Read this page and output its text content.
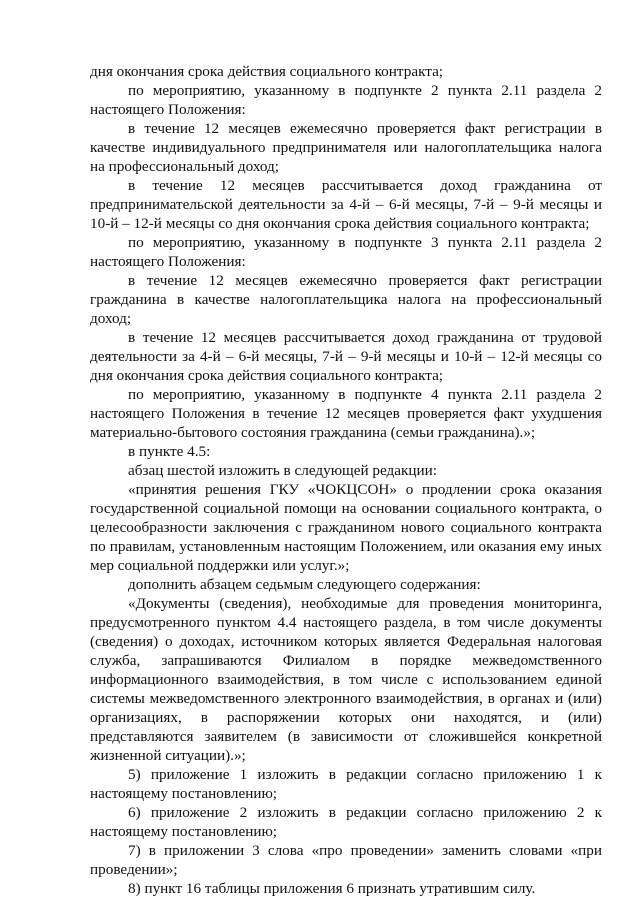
дня окончания срока действия социального контракта;

по мероприятию, указанному в подпункте 2 пункта 2.11 раздела 2 настоящего Положения:

в течение 12 месяцев ежемесячно проверяется факт регистрации в качестве индивидуального предпринимателя или налогоплательщика налога на профессиональный доход;

в течение 12 месяцев рассчитывается доход гражданина от предпринимательской деятельности за 4-й – 6-й месяцы, 7-й – 9-й месяцы и 10-й – 12-й месяцы со дня окончания срока действия социального контракта;

по мероприятию, указанному в подпункте 3 пункта 2.11 раздела 2 настоящего Положения:

в течение 12 месяцев ежемесячно проверяется факт регистрации гражданина в качестве налогоплательщика налога на профессиональный доход;

в течение 12 месяцев рассчитывается доход гражданина от трудовой деятельности за 4-й – 6-й месяцы, 7-й – 9-й месяцы и 10-й – 12-й месяцы со дня окончания срока действия социального контракта;

по мероприятию, указанному в подпункте 4 пункта 2.11 раздела 2 настоящего Положения в течение 12 месяцев проверяется факт ухудшения материально-бытового состояния гражданина (семьи гражданина).»;

в пункте 4.5:

абзац шестой изложить в следующей редакции:

«принятия решения ГКУ «ЧОКЦСОН» о продлении срока оказания государственной социальной помощи на основании социального контракта, о целесообразности заключения с гражданином нового социального контракта по правилам, установленным настоящим Положением, или оказания ему иных мер социальной поддержки или услуг.»;

дополнить абзацем седьмым следующего содержания:

«Документы (сведения), необходимые для проведения мониторинга, предусмотренного пунктом 4.4 настоящего раздела, в том числе документы (сведения) о доходах, источником которых является Федеральная налоговая служба, запрашиваются Филиалом в порядке межведомственного информационного взаимодействия, в том числе с использованием единой системы межведомственного электронного взаимодействия, в органах и (или) организациях, в распоряжении которых они находятся, и (или) представляются заявителем (в зависимости от сложившейся конкретной жизненной ситуации).»;

5) приложение 1 изложить в редакции согласно приложению 1 к настоящему постановлению;

6) приложение 2 изложить в редакции согласно приложению 2 к настоящему постановлению;

7) в приложении 3 слова «про проведении» заменить словами «при проведении»;

8) пункт 16 таблицы приложения 6 признать утратившим силу.
